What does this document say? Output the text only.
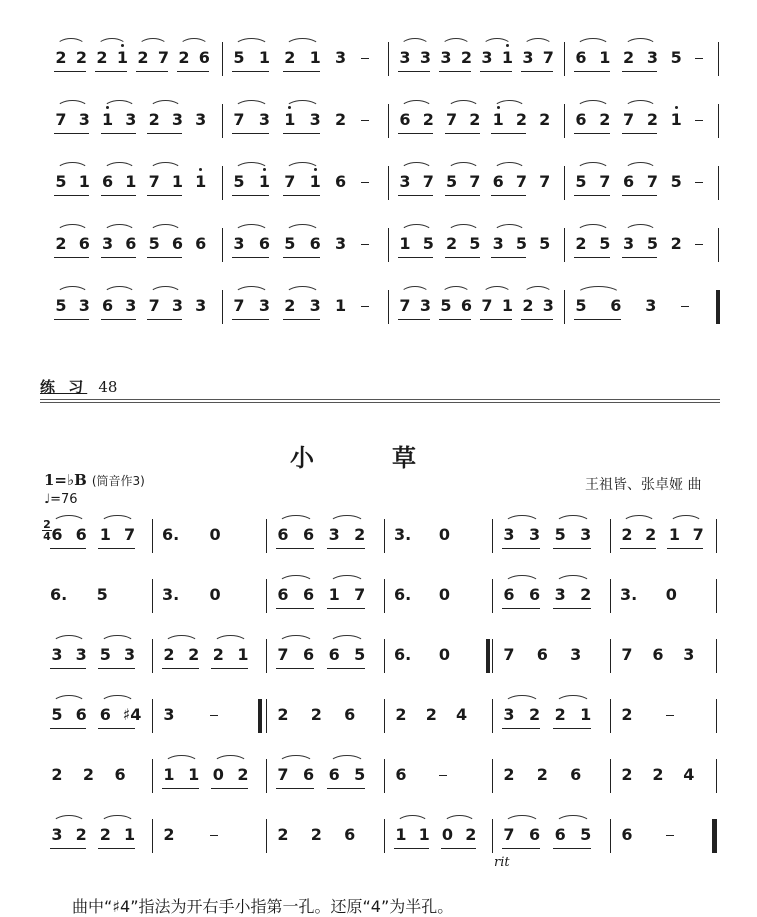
2 2 2 1 2 7 2 6 5 1 2 1 3	3 3 3 2 3 1 3 7 6 1 2 3 5
7 3 1 3 2 3 3 7 3 1 3 2	6 2 7 2 1 2 2 6 2 7 2 1
5 1 6 1 7 1 1 5 1 7 1 6	3 7 5 7 6 7 7 5 7 6 7 5
2 6 3 6 5 6 6 3 6 5 6 3	1 5 2 5 3 5 5 2 5 3 5 2
5 3 6 3 7 3 3 7 3 2 3 1	7 3 5 6 7 1 2 3 5 6 3
练 习 48
小　　草
1=♭B (筒音作3)
♩=76
王祖皆、张卓娅 曲
2
4 6 6 1 7 6. 0	6 6 3 2 3. 0	3 3 5 3 2 2 1 7
6. 5	3. 0	6 6 1 7 6. 0	6 6 3 2 3. 0
3 3 5 3 2 2 2 1 7 6 6 5 6. 0	7 6 3	7 6 3
5 6 6 ♯4 3	2 2 6	2 2 4 3 2 2 1 2
2 2 6 1 1 0 2 7 6 6 5 6	2 2 6	2 2 4
3 2 2 1 2	2 2 6	1 1 0 2 7 6 6 5 6
rit
曲中“♯4”指法为开右手小指第一孔。还原“4”为半孔。
